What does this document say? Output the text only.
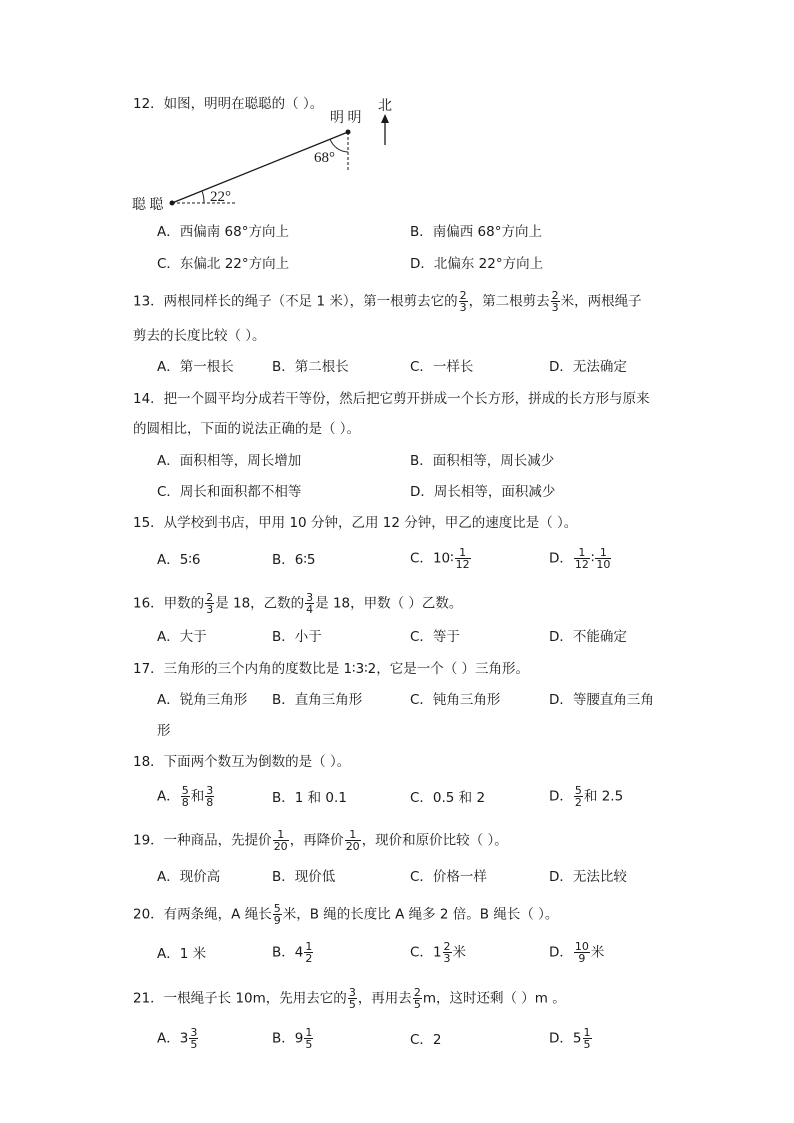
12．如图，明明在聪聪的（ ）。	北
明 明
聪 聪
68°
22°
A．西偏南 68°方向上	B．南偏西 68°方向上
C．东偏北 22°方向上	D．北偏东 22°方向上
13．两根同样长的绳子（不足 1 米），第一根剪去它的 $\frac{2}{3}$ ，第二根剪去 $\frac{2}{3}$ 米，两根绳子
剪去的长度比较（ ）。
A．第一根长	B．第二根长	C．一样长	D．无法确定
14．把一个圆平均分成若干等份，然后把它剪开拼成一个长方形，拼成的长方形与原来
的圆相比，下面的说法正确的是（ ）。
A．面积相等，周长增加	B．面积相等，周长减少
C．周长和面积都不相等	D．周长相等，面积减少
15．从学校到书店，甲用 10 分钟，乙用 12 分钟，甲乙的速度比是（ ）。
A．5∶6	B．6∶5	C．10∶ $\frac{1}{12}$	D． $\frac{1}{12}$ ∶ $\frac{1}{10}$
16．甲数的 $\frac{2}{3}$ 是 18，乙数的 $\frac{3}{4}$ 是 18，甲数（ ）乙数。
A．大于	B．小于	C．等于	D．不能确定
17．三角形的三个内角的度数比是 1∶3∶2，它是一个（ ）三角形。
A．锐角三角形 B．直角三角形	C．钝角三角形	D．等腰直角三角
形
18．下面两个数互为倒数的是（ ）。
A． $\frac{5}{8}$ 和 $\frac{3}{8}$	B．1 和 0.1	C．0.5 和 2	D． $\frac{5}{2}$ 和 2.5
19．一种商品，先提价 $\frac{1}{20}$ ，再降价 $\frac{1}{20}$ ，现价和原价比较（ ）。
A．现价高	B．现价低	C．价格一样	D．无法比较
20．有两条绳，A 绳长 $\frac{5}{9}$ 米，B 绳的长度比 A 绳多 2 倍。B 绳长（ ）。
A．1 米	B．$4 \frac{1}{2}$	C．$1 \frac{2}{3}$ 米	D． $\frac{10}{9}$ 米
21．一根绳子长 10m，先用去它的 $\frac{3}{5}$ ，再用去 $\frac{2}{5}$ m，这时还剩（ ）m 。
A．$3 \frac{3}{5}$	B．$9 \frac{1}{5}$	C．2	D．$5 \frac{1}{5}$
